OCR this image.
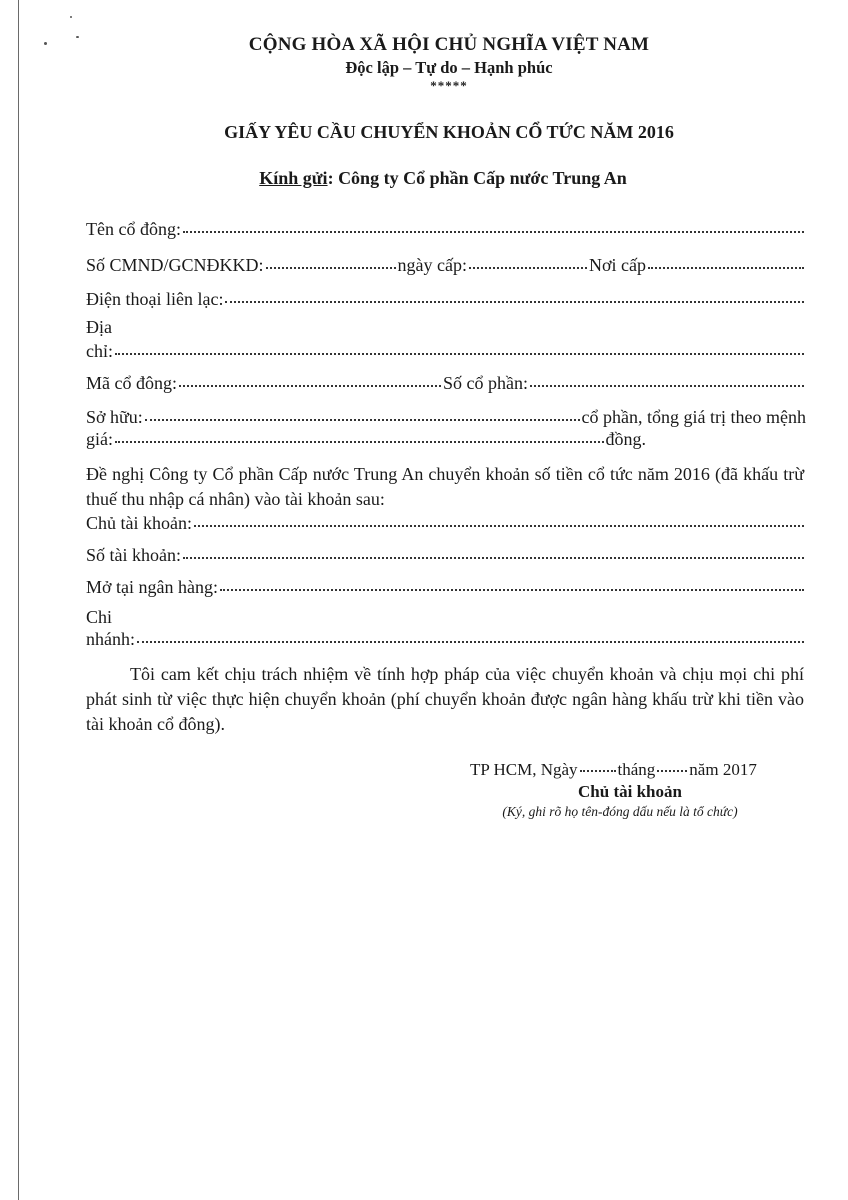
CỘNG HÒA XÃ HỘI CHỦ NGHĨA VIỆT NAM
Độc lập – Tự do – Hạnh phúc
*****
GIẤY YÊU CẦU CHUYỂN KHOẢN CỔ TỨC NĂM 2016
Kính gửi: Công ty Cổ phần Cấp nước Trung An
Tên cổ đông:
Số CMND/GCNĐKKD:	ngày cấp:	Nơi cấp
Điện thoại liên lạc:
Địa
chỉ:
Mã cổ đông:	Số cổ phần:
Sở hữu:	cổ phần, tổng giá trị theo mệnh
giá:	đồng.
Đề nghị Công ty Cổ phần Cấp nước Trung An chuyển khoản số tiền cổ tức năm 2016 (đã khấu trừ thuế thu nhập cá nhân) vào tài khoản sau:
Chủ tài khoản:
Số tài khoản:
Mở tại ngân hàng:
Chi
nhánh:
Tôi cam kết chịu trách nhiệm về tính hợp pháp của việc chuyển khoản và chịu mọi chi phí phát sinh từ việc thực hiện chuyển khoản (phí chuyển khoản được ngân hàng khấu trừ khi tiền vào tài khoản cổ đông).
TP HCM, Ngày tháng năm 2017
Chủ tài khoản
(Ký, ghi rõ họ tên-đóng dấu nếu là tổ chức)
